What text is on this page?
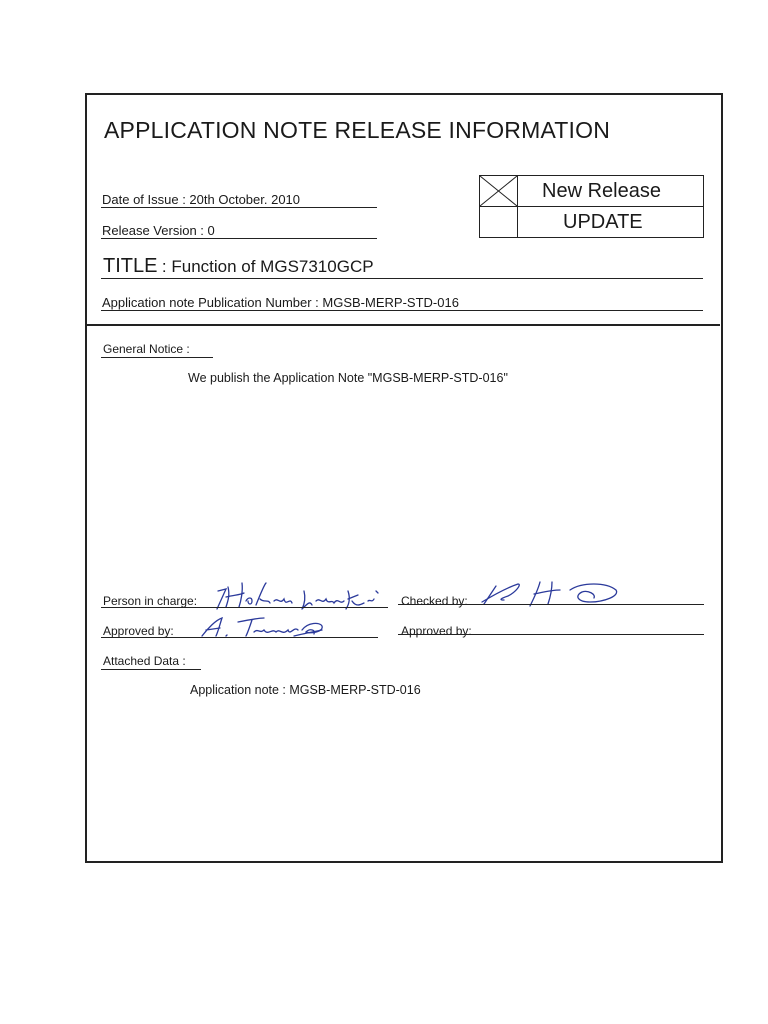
APPLICATION NOTE RELEASE INFORMATION
Date of Issue : 20th October. 2010
Release Version : 0
New Release
UPDATE
TITLE : Function of MGS7310GCP
Application note Publication Number : MGSB-MERP-STD-016
General Notice :
We publish the Application Note "MGSB-MERP-STD-016"
Person in charge:	Checked by:
Approved by:	Approved by:
Attached Data :
Application note : MGSB-MERP-STD-016
